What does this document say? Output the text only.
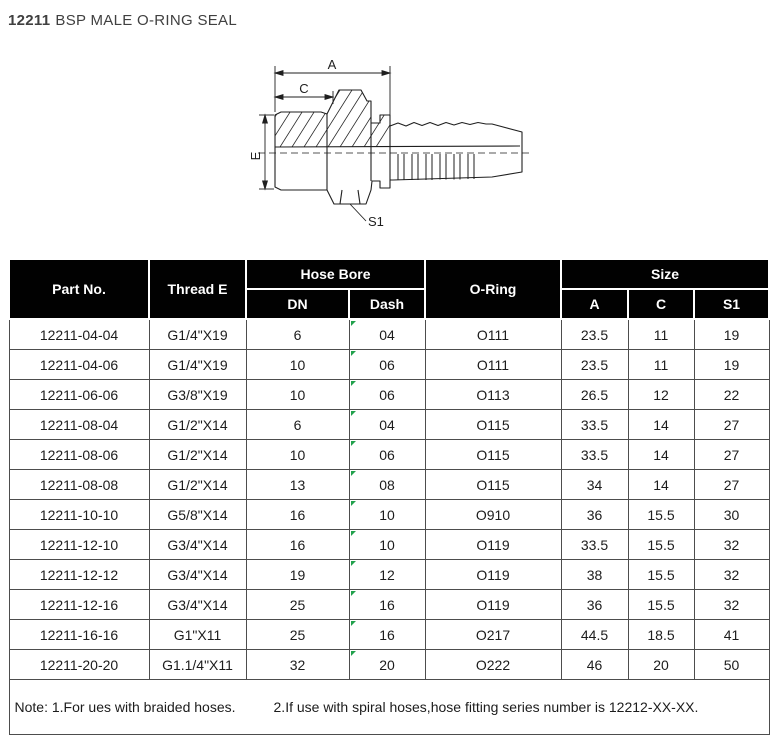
12211 BSP MALE O-RING SEAL
A
C
E
S1
Part No.	Thread E	Hose Bore		O-Ring	Size		
		DN	Dash		A	C	S1
12211-04-04	G1/4"X19	6	04	O111	23.5	11	19
12211-04-06	G1/4"X19	10	06	O111	23.5	11	19
12211-06-06	G3/8"X19	10	06	O113	26.5	12	22
12211-08-04	G1/2"X14	6	04	O115	33.5	14	27
12211-08-06	G1/2"X14	10	06	O115	33.5	14	27
12211-08-08	G1/2"X14	13	08	O115	34	14	27
12211-10-10	G5/8"X14	16	10	O910	36	15.5	30
12211-12-10	G3/4"X14	16	10	O119	33.5	15.5	32
12211-12-12	G3/4"X14	19	12	O119	38	15.5	32
12211-12-16	G3/4"X14	25	16	O119	36	15.5	32
12211-16-16	G1"X11	25	16	O217	44.5	18.5	41
12211-20-20	G1.1/4"X11	32	20	O222	46	20	50
Note: 1.For ues with braided hoses. 2.If use with spiral hoses,hose fitting series number is 12212-XX-XX.							
